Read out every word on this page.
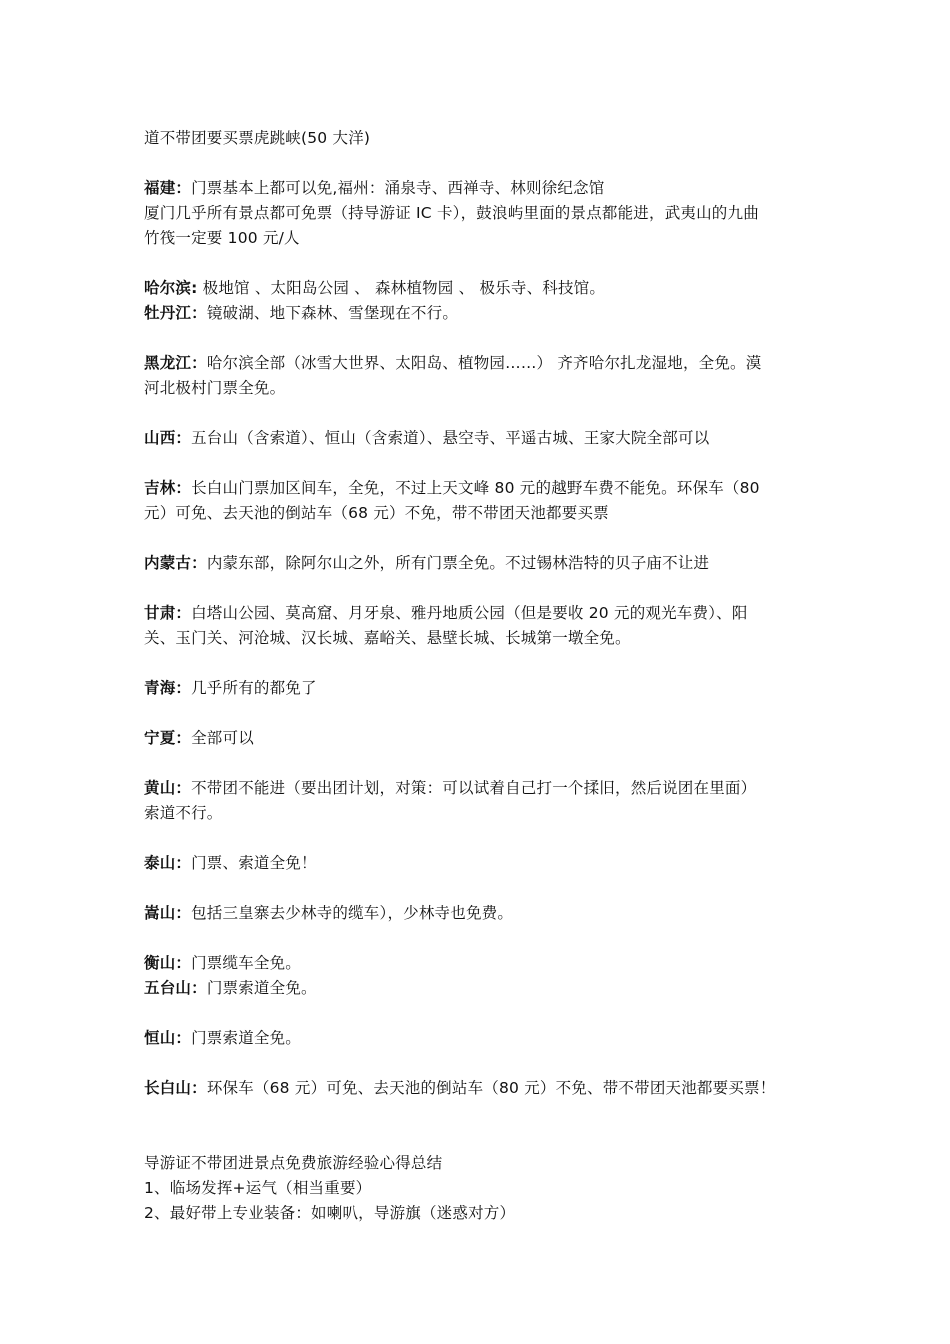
道不带团要买票虎跳峡(50 大洋)

福建：门票基本上都可以免,福州：涌泉寺、西禅寺、林则徐纪念馆
厦门几乎所有景点都可免票（持导游证 IC 卡），鼓浪屿里面的景点都能进，武夷山的九曲
竹筏一定要 100 元/人

哈尔滨: 极地馆 、太阳岛公园 、 森林植物园 、 极乐寺、科技馆。
牡丹江：镜破湖、地下森林、雪堡现在不行。

黑龙江：哈尔滨全部（冰雪大世界、太阳岛、植物园……） 齐齐哈尔扎龙湿地，全免。漠
河北极村门票全免。

山西：五台山（含索道）、恒山（含索道）、悬空寺、平遥古城、王家大院全部可以

吉林：长白山门票加区间车，全免，不过上天文峰 80 元的越野车费不能免。环保车（80
元）可免、去天池的倒站车（68 元）不免，带不带团天池都要买票

内蒙古：内蒙东部，除阿尔山之外，所有门票全免。不过锡林浩特的贝子庙不让进

甘肃：白塔山公园、莫高窟、月牙泉、雅丹地质公园（但是要收 20 元的观光车费）、阳
关、玉门关、河沧城、汉长城、嘉峪关、悬壁长城、长城第一墩全免。

青海：几乎所有的都免了

宁夏：全部可以

黄山：不带团不能进（要出团计划，对策：可以试着自己打一个揉旧，然后说团在里面）
索道不行。

泰山：门票、索道全免！

嵩山：包括三皇寨去少林寺的缆车），少林寺也免费。

衡山：门票缆车全免。
五台山：门票索道全免。

恒山：门票索道全免。

长白山：环保车（68 元）可免、去天池的倒站车（80 元）不免、带不带团天池都要买票！

导游证不带团进景点免费旅游经验心得总结
1、临场发挥+运气（相当重要）
2、最好带上专业装备：如喇叭，导游旗（迷惑对方）
